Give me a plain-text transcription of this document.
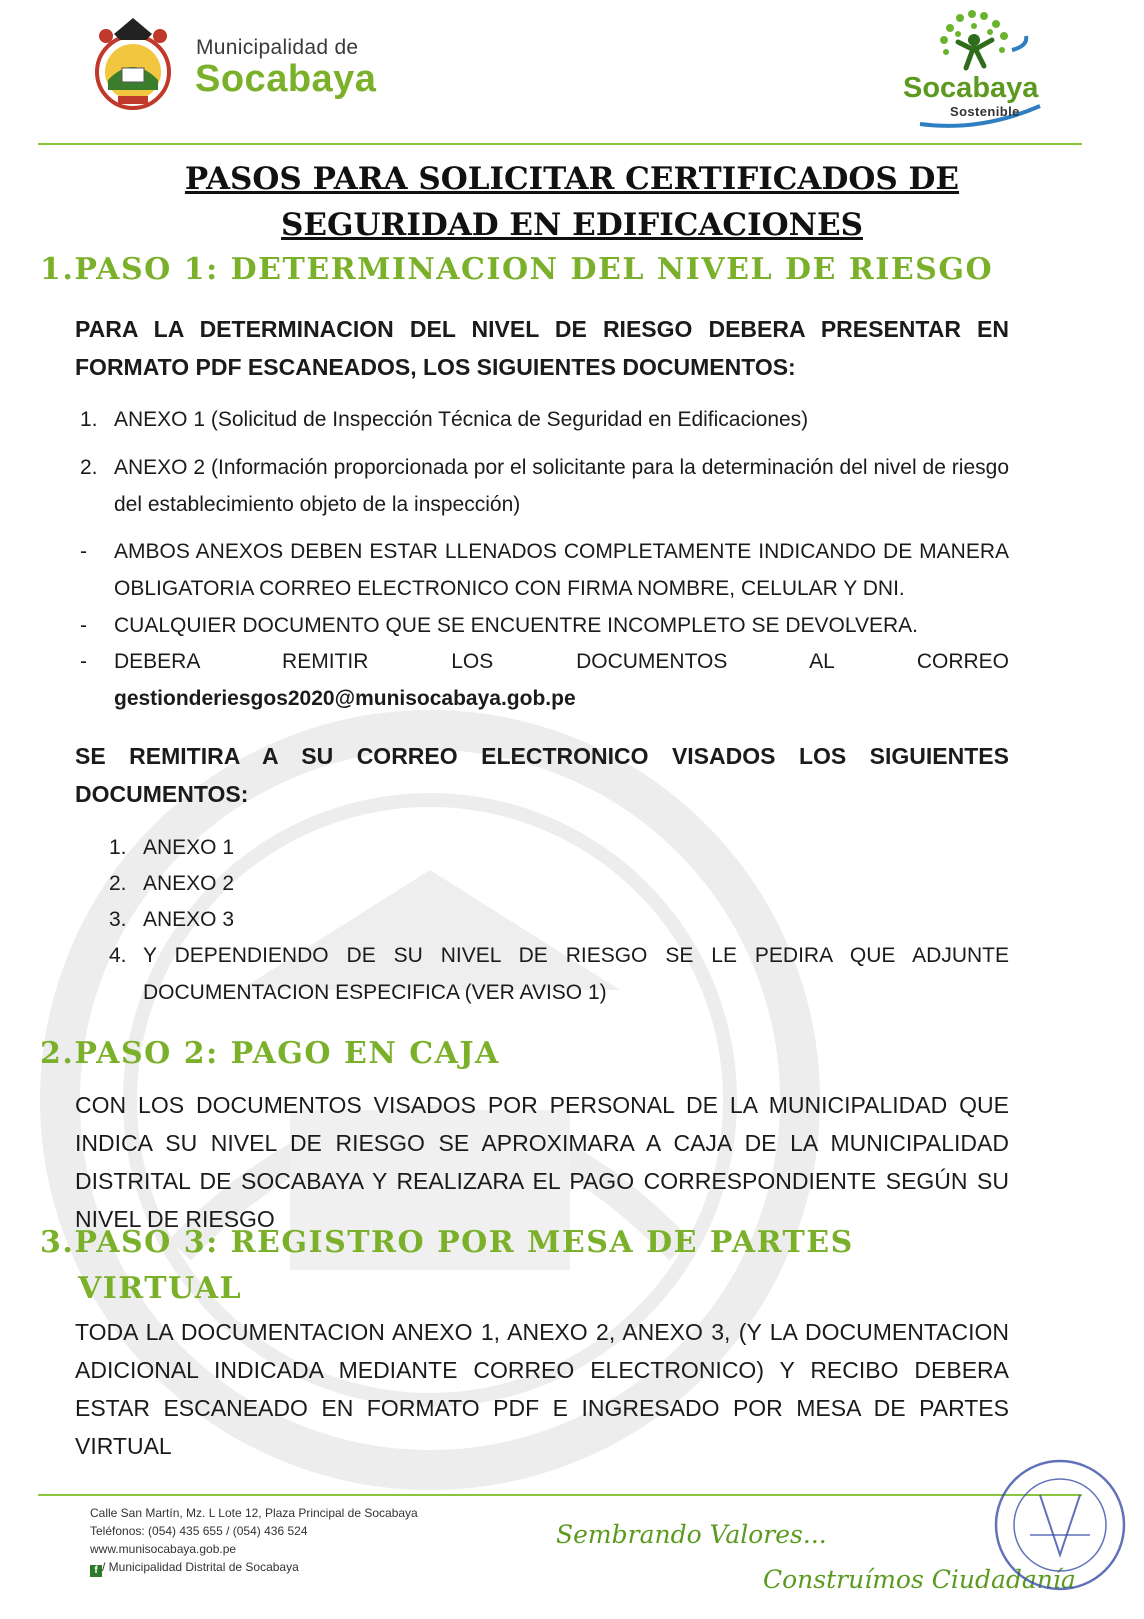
Municipalidad de
Socabaya	Socabaya
Sostenible
PASOS PARA SOLICITAR CERTIFICADOS DE
SEGURIDAD EN EDIFICACIONES
1.PASO 1: DETERMINACION DEL NIVEL DE RIESGO
PARA LA DETERMINACION DEL NIVEL DE RIESGO DEBERA PRESENTAR EN FORMATO PDF ESCANEADOS, LOS SIGUIENTES DOCUMENTOS:
1. ANEXO 1 (Solicitud de Inspección Técnica de Seguridad en Edificaciones)
2. ANEXO 2 (Información proporcionada por el solicitante para la determinación del nivel de riesgo del establecimiento objeto de la inspección)
- AMBOS ANEXOS DEBEN ESTAR LLENADOS COMPLETAMENTE INDICANDO DE MANERA OBLIGATORIA CORREO ELECTRONICO CON FIRMA NOMBRE, CELULAR Y DNI.
- CUALQUIER DOCUMENTO QUE SE ENCUENTRE INCOMPLETO SE DEVOLVERA.
- DEBERA REMITIR LOS DOCUMENTOS AL CORREO
gestionderiesgos2020@munisocabaya.gob.pe
SE REMITIRA A SU CORREO ELECTRONICO VISADOS LOS SIGUIENTES DOCUMENTOS:
1. ANEXO 1
2. ANEXO 2
3. ANEXO 3
4. Y DEPENDIENDO DE SU NIVEL DE RIESGO SE LE PEDIRA QUE ADJUNTE DOCUMENTACION ESPECIFICA (VER AVISO 1)
2.PASO 2: PAGO EN CAJA
CON LOS DOCUMENTOS VISADOS POR PERSONAL DE LA MUNICIPALIDAD QUE INDICA SU NIVEL DE RIESGO SE APROXIMARA A CAJA DE LA MUNICIPALIDAD DISTRITAL DE SOCABAYA Y REALIZARA EL PAGO CORRESPONDIENTE SEGÚN SU NIVEL DE RIESGO
3.PASO 3: REGISTRO POR MESA DE PARTES
VIRTUAL
TODA LA DOCUMENTACION ANEXO 1, ANEXO 2, ANEXO 3, (Y LA DOCUMENTACION ADICIONAL INDICADA MEDIANTE CORREO ELECTRONICO) Y RECIBO DEBERA ESTAR ESCANEADO EN FORMATO PDF E INGRESADO POR MESA DE PARTES VIRTUAL
Calle San Martín, Mz. L Lote 12, Plaza Principal de Socabaya
Teléfonos: (054) 435 655 / (054) 436 524
www.munisocabaya.gob.pe
f / Municipalidad Distrital de Socabaya
Sembrando Valores...
Construímos Ciudadanía
